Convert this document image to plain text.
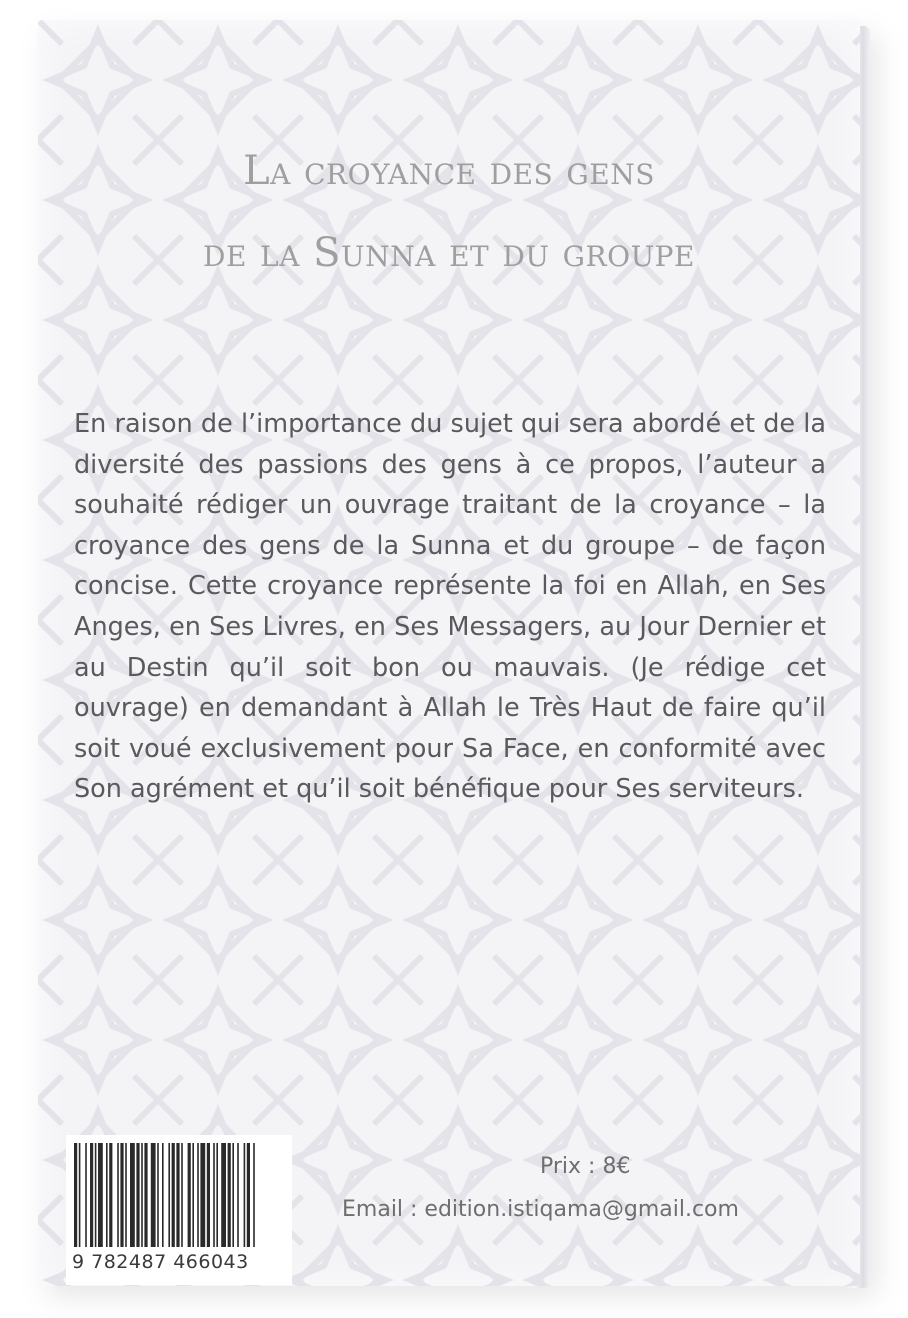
La croyance des gens
de la Sunna et du groupe
En raison de l’importance du sujet qui sera abordé et de la diversité des passions des gens à ce propos, l’auteur a souhaité rédiger un ouvrage traitant de la croyance – la croyance des gens de la Sunna et du groupe – de façon concise. Cette croyance représente la foi en Allah, en Ses Anges, en Ses Livres, en Ses Messagers, au Jour Dernier et au Destin qu’il soit bon ou mauvais. (Je rédige cet ouvrage) en demandant à Allah le Très Haut de faire qu’il soit voué exclusivement pour Sa Face, en conformité avec Son agrément et qu’il soit bénéfique pour Ses serviteurs.
9 782487 466043
Prix : 8€
Email : edition.istiqama@gmail.com
